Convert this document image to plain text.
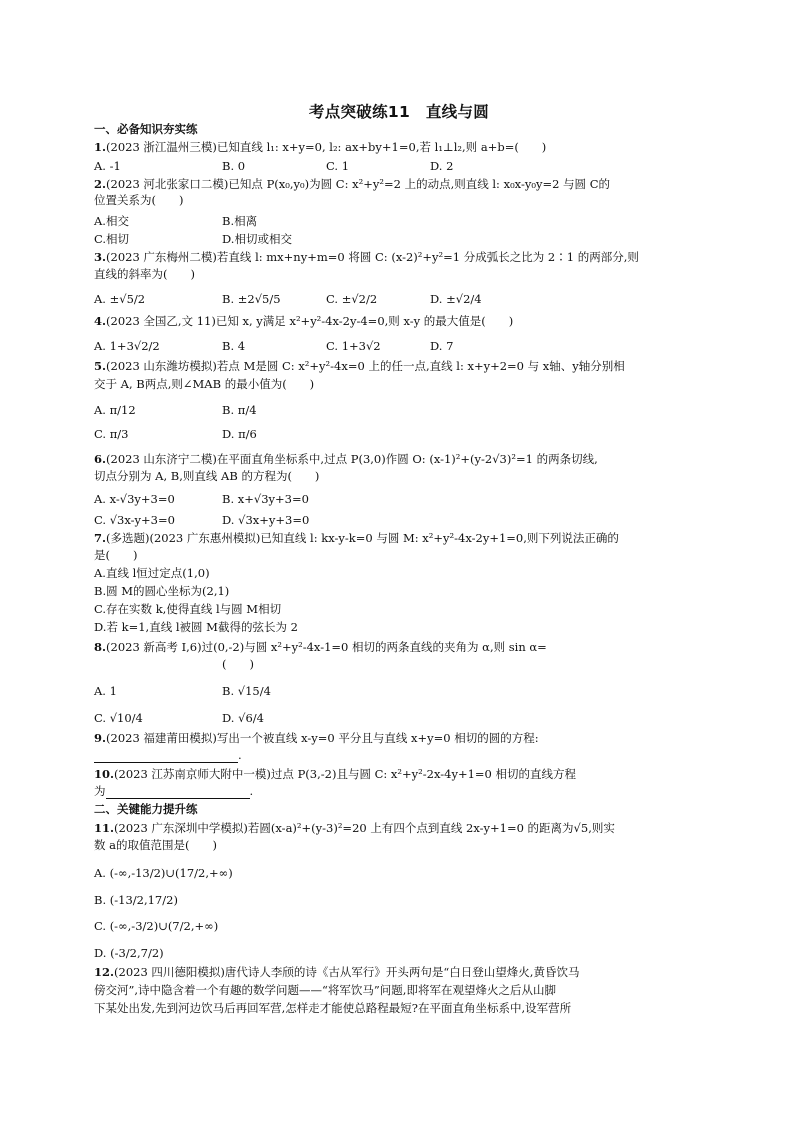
考点突破练11　直线与圆
一、必备知识夯实练
1.(2023 浙江温州三模)已知直线 l₁: x+y=0, l₂: ax+by+1=0,若 l₁⊥l₂,则 a+b=(　　)
A. -1	B. 0	C. 1	D. 2
2.(2023 河北张家口二模)已知点 P(x₀,y₀)为圆 C: x²+y²=2 上的动点,则直线 l: x₀x-y₀y=2 与圆 C的
位置关系为(　　)
A.相交	B.相离
C.相切	D.相切或相交
3.(2023 广东梅州二模)若直线 l: mx+ny+m=0 将圆 C: (x-2)²+y²=1 分成弧长之比为 2∶1 的两部分,则
直线的斜率为(　　)
A. ±√5/2	B. ±2√5/5	C. ±√2/2	D. ±√2/4
4.(2023 全国乙,文 11)已知 x, y满足 x²+y²-4x-2y-4=0,则 x-y 的最大值是(　　)
A. 1+3√2/2	B. 4	C. 1+3√2	D. 7
5.(2023 山东潍坊模拟)若点 M是圆 C: x²+y²-4x=0 上的任一点,直线 l: x+y+2=0 与 x轴、y轴分别相
交于 A, B两点,则∠MAB 的最小值为(　　)
A. π/12	B. π/4
C. π/3	D. π/6
6.(2023 山东济宁二模)在平面直角坐标系中,过点 P(3,0)作圆 O: (x-1)²+(y-2√3)²=1 的两条切线,
切点分别为 A, B,则直线 AB 的方程为(　　)
A. x-√3y+3=0	B. x+√3y+3=0
C. √3x-y+3=0	D. √3x+y+3=0
7.(多选题)(2023 广东惠州模拟)已知直线 l: kx-y-k=0 与圆 M: x²+y²-4x-2y+1=0,则下列说法正确的
是(　　)
A.直线 l恒过定点(1,0)
B.圆 M的圆心坐标为(2,1)
C.存在实数 k,使得直线 l与圆 M相切
D.若 k=1,直线 l被圆 M截得的弦长为 2
8.(2023 新高考 Ⅰ,6)过(0,-2)与圆 x²+y²-4x-1=0 相切的两条直线的夹角为 α,则 sin α=
(　　)
A. 1	B. √15/4
C. √10/4	D. √6/4
9.(2023 福建莆田模拟)写出一个被直线 x-y=0 平分且与直线 x+y=0 相切的圆的方程:
.
10.(2023 江苏南京师大附中一模)过点 P(3,-2)且与圆 C: x²+y²-2x-4y+1=0 相切的直线方程
为	.
二、关键能力提升练
11.(2023 广东深圳中学模拟)若圆(x-a)²+(y-3)²=20 上有四个点到直线 2x-y+1=0 的距离为√5,则实
数 a的取值范围是(　　)
A. (-∞,-13/2)∪(17/2,+∞)
B. (-13/2,17/2)
C. (-∞,-3/2)∪(7/2,+∞)
D. (-3/2,7/2)
12.(2023 四川德阳模拟)唐代诗人李颀的诗《古从军行》开头两句是“白日登山望烽火,黄昏饮马
傍交河”,诗中隐含着一个有趣的数学问题——“将军饮马”问题,即将军在观望烽火之后从山脚
下某处出发,先到河边饮马后再回军营,怎样走才能使总路程最短?在平面直角坐标系中,设军营所
